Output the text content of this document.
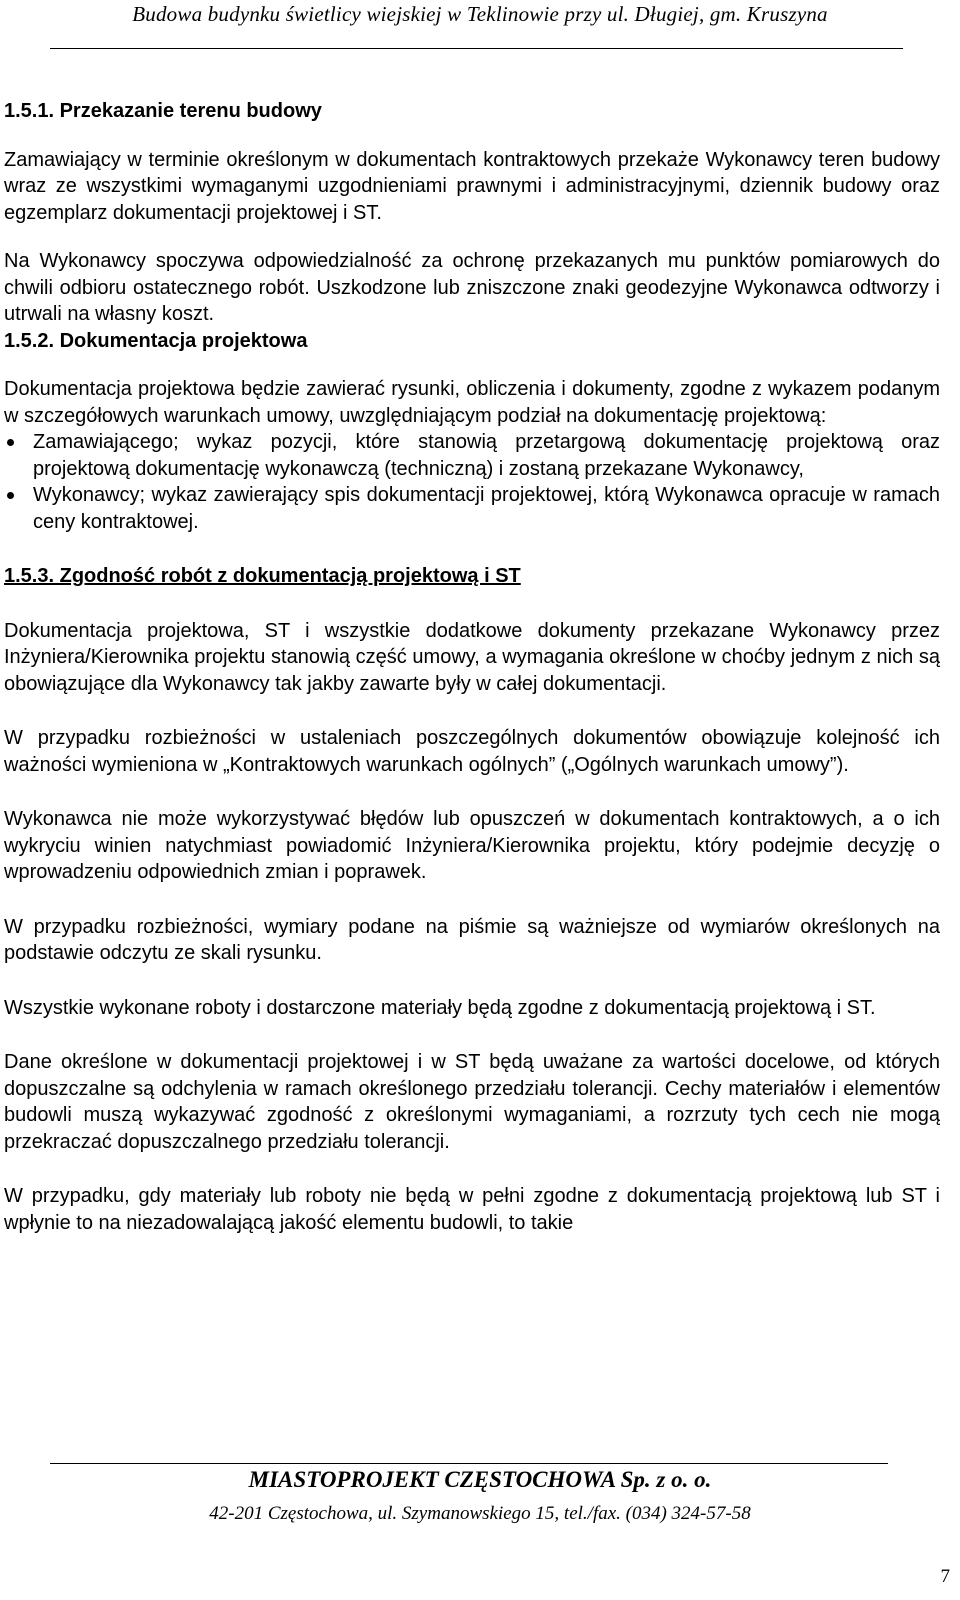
Budowa budynku świetlicy wiejskiej w Teklinowie przy ul. Długiej, gm. Kruszyna

1.5.1. Przekazanie terenu budowy

Zamawiający w terminie określonym w dokumentach kontraktowych przekaże Wykonawcy teren budowy wraz ze wszystkimi wymaganymi uzgodnieniami prawnymi i administracyjnymi, dziennik budowy oraz egzemplarz dokumentacji projektowej i ST.

Na Wykonawcy spoczywa odpowiedzialność za ochronę przekazanych mu punktów pomiarowych do chwili odbioru ostatecznego robót. Uszkodzone lub zniszczone znaki geodezyjne Wykonawca odtworzy i utrwali na własny koszt.

1.5.2. Dokumentacja projektowa

Dokumentacja projektowa będzie zawierać rysunki, obliczenia i dokumenty, zgodne z wykazem podanym w szczegółowych warunkach umowy, uwzględniającym podział na dokumentację projektową:

Zamawiającego; wykaz pozycji, które stanowią przetargową dokumentację projektową oraz projektową dokumentację wykonawczą (techniczną) i zostaną przekazane Wykonawcy,
Wykonawcy; wykaz zawierający spis dokumentacji projektowej, którą Wykonawca opracuje w ramach ceny kontraktowej.

1.5.3. Zgodność robót z dokumentacją projektową i ST

Dokumentacja projektowa, ST i wszystkie dodatkowe dokumenty przekazane Wykonawcy przez Inżyniera/Kierownika projektu stanowią część umowy, a wymagania określone w choćby jednym z nich są obowiązujące dla Wykonawcy tak jakby zawarte były w całej dokumentacji.

W przypadku rozbieżności w ustaleniach poszczególnych dokumentów obowiązuje kolejność ich ważności wymieniona w „Kontraktowych warunkach ogólnych” („Ogólnych warunkach umowy”).

Wykonawca nie może wykorzystywać błędów lub opuszczeń w dokumentach kontraktowych, a o ich wykryciu winien natychmiast powiadomić Inżyniera/Kierownika projektu, który podejmie decyzję o wprowadzeniu odpowiednich zmian i poprawek.

W przypadku rozbieżności, wymiary podane na piśmie są ważniejsze od wymiarów określonych na podstawie odczytu ze skali rysunku.

Wszystkie wykonane roboty i dostarczone materiały będą zgodne z dokumentacją projektową i ST.

Dane określone w dokumentacji projektowej i w ST będą uważane za wartości docelowe, od których dopuszczalne są odchylenia w ramach określonego przedziału tolerancji. Cechy materiałów i elementów budowli muszą wykazywać zgodność z określonymi wymaganiami, a rozrzuty tych cech nie mogą przekraczać dopuszczalnego przedziału tolerancji.

W przypadku, gdy materiały lub roboty nie będą w pełni zgodne z dokumentacją projektową lub ST i wpłynie to na niezadowalającą jakość elementu budowli, to takie

MIASTOPROJEKT CZĘSTOCHOWA Sp. z o. o.
42-201 Częstochowa, ul. Szymanowskiego 15, tel./fax. (034) 324-57-58
7
